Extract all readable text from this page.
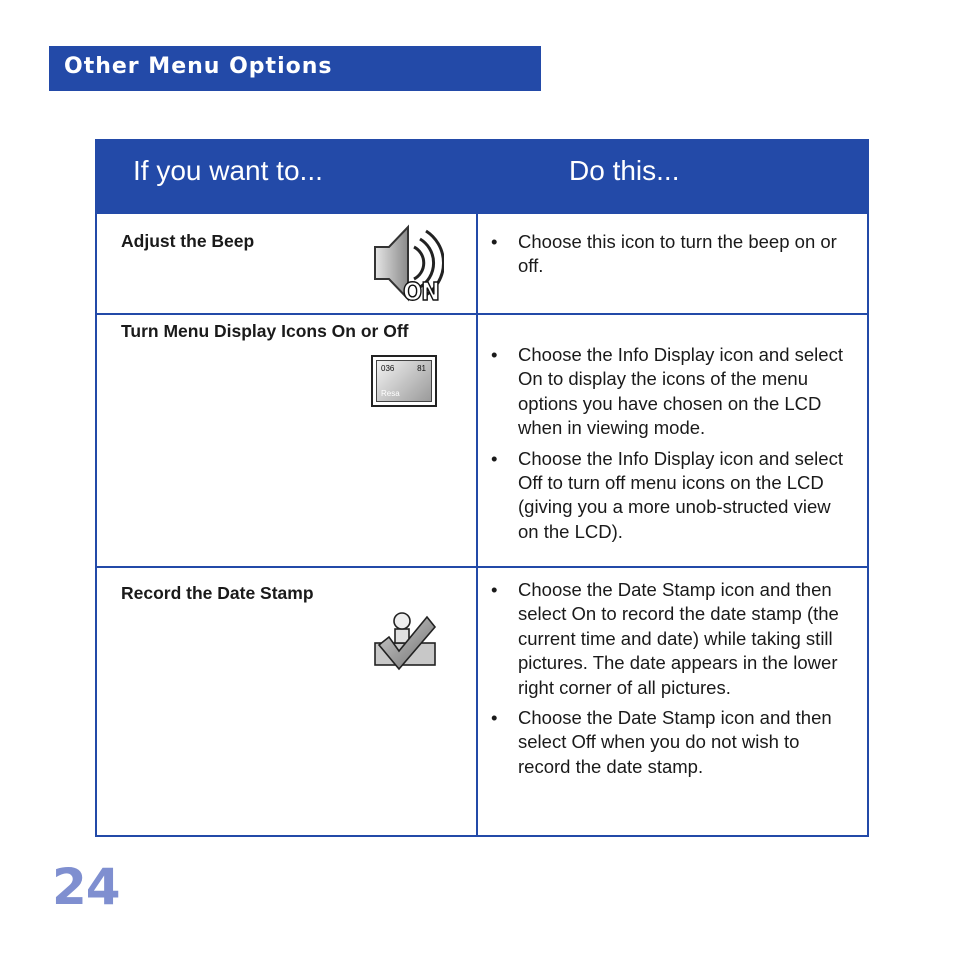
Other Menu Options
If you want to...	Do this...
Adjust the Beep
ON
• Choose this icon to turn the beep on or off.
Turn Menu Display Icons On or Off
036	81
Resa
• Choose the Info Display icon and select On to display the icons of the menu options you have chosen on the LCD when in viewing mode.
• Choose the Info Display icon and select Off to turn off menu icons on the LCD (giving you a more unob-structed view on the LCD).
Record the Date Stamp
•	Choose the Date Stamp icon and then select On to record the date stamp (the current time and date) while taking still pictures. The date appears in the lower right corner of all pictures.
• Choose the Date Stamp icon and then select Off when you do not wish to record the date stamp.
24
